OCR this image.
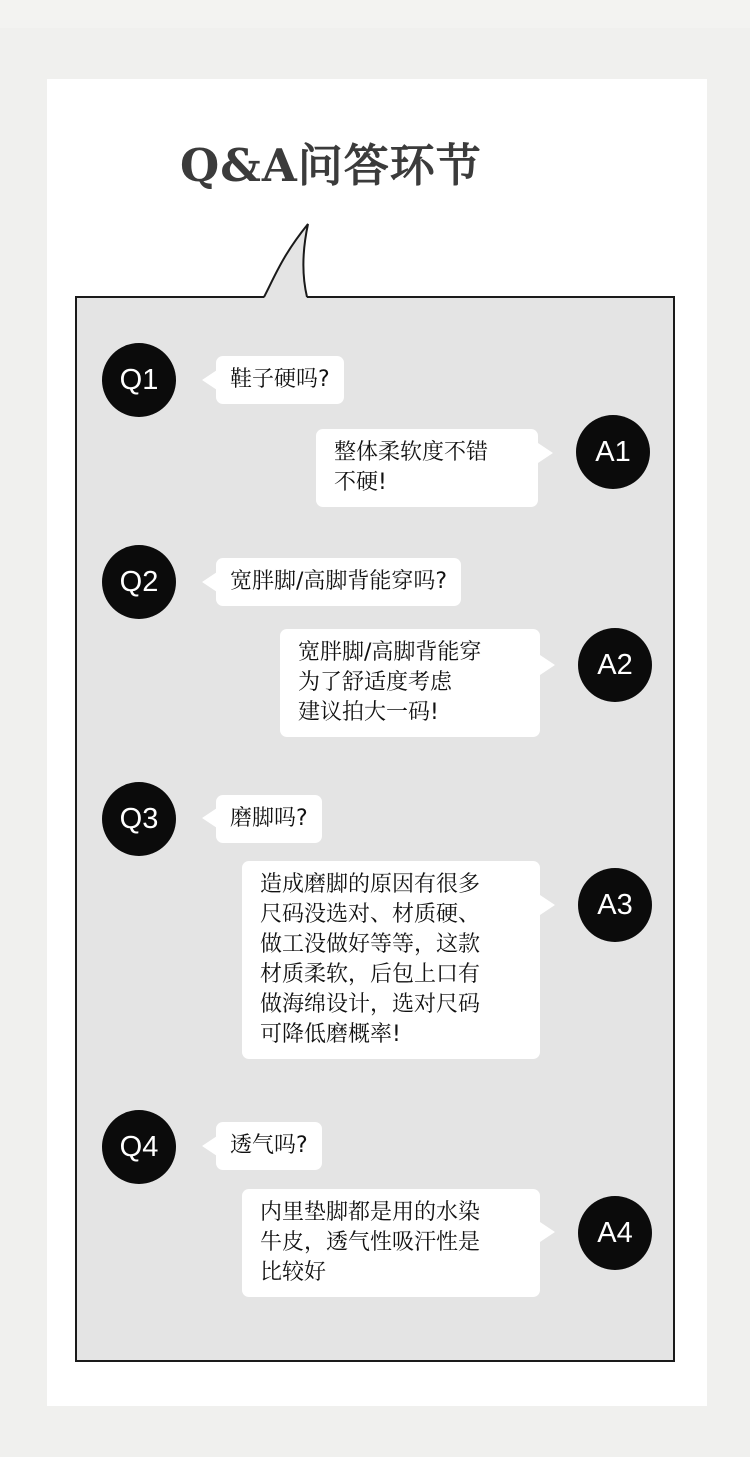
Q&A问答环节
Q1	鞋子硬吗?
整体柔软度不错
不硬!
A1
Q2	宽胖脚/高脚背能穿吗?
宽胖脚/高脚背能穿
为了舒适度考虑
建议拍大一码!
A2
Q3	磨脚吗?
造成磨脚的原因有很多
尺码没选对、材质硬、
做工没做好等等，这款
材质柔软，后包上口有
做海绵设计，选对尺码
可降低磨概率!
A3
Q4	透气吗?
内里垫脚都是用的水染
牛皮，透气性吸汗性是
比较好
A4
